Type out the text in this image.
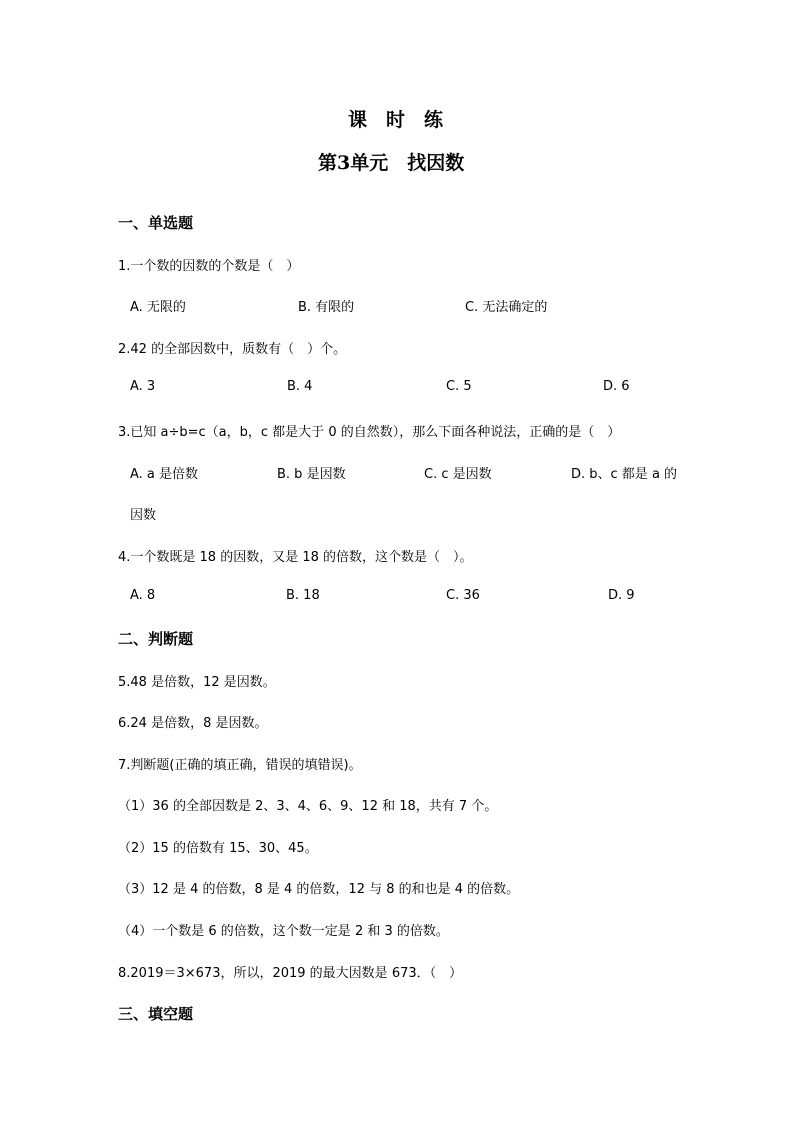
课　时　练
第3单元　找因数
一、单选题
1.一个数的因数的个数是（　）
A. 无限的	B. 有限的	C. 无法确定的
2.42 的全部因数中，质数有（　）个。
A. 3	B. 4	C. 5	D. 6
3.已知 a÷b=c（a，b，c 都是大于 0 的自然数），那么下面各种说法，正确的是（　）
A. a 是倍数	B. b 是因数	C. c 是因数	D. b、c 都是 a 的
因数
4.一个数既是 18 的因数，又是 18 的倍数，这个数是（　）。
A. 8	B. 18	C. 36	D. 9
二、判断题
5.48 是倍数，12 是因数。
6.24 是倍数，8 是因数。
7.判断题(正确的填正确，错误的填错误)。
（1）36 的全部因数是 2、3、4、6、9、12 和 18，共有 7 个。
（2）15 的倍数有 15、30、45。
（3）12 是 4 的倍数，8 是 4 的倍数，12 与 8 的和也是 4 的倍数。
（4）一个数是 6 的倍数，这个数一定是 2 和 3 的倍数。
8.2019＝3×673，所以，2019 的最大因数是 673．（　）
三、填空题
